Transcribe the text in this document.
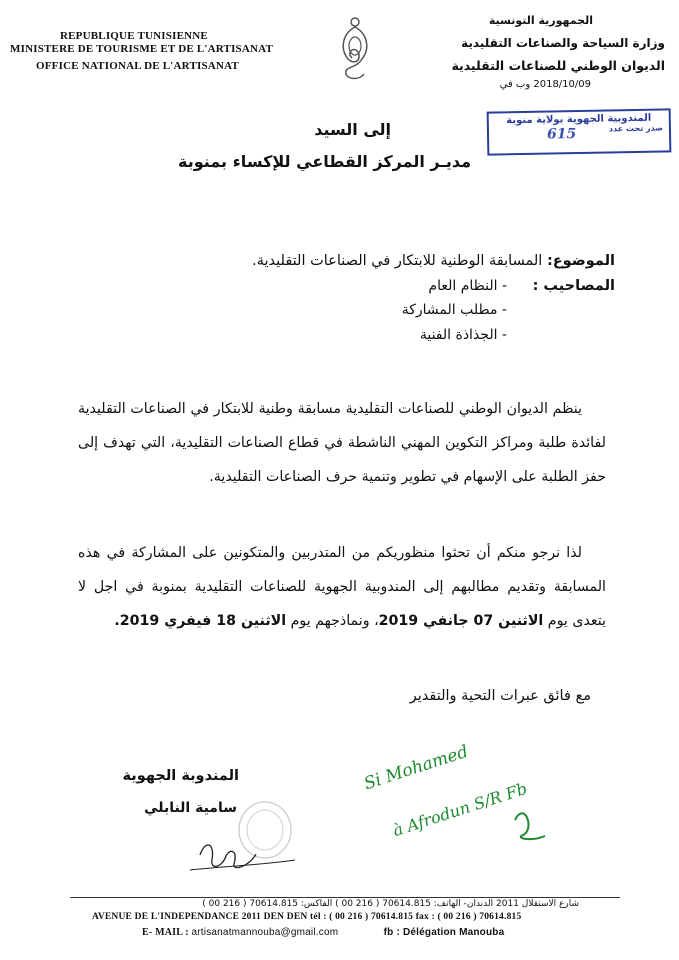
REPUBLIQUE TUNISIENNE
MINISTERE DE TOURISME ET DE L'ARTISANAT
OFFICE NATIONAL DE L'ARTISANAT
الجمهورية التونسية
وزارة السياحة والصناعات التقليدية
الديوان الوطني للصناعات التقليدية
2018/10/09 وب في
المندوبية الجهوية بولاية منوبة
صدر تحت عدد
615
إلى السيد
مديـر المركز القطاعي للإكساء بمنوبة
الموضوع: المسابقة الوطنية للابتكار في الصناعات التقليدية.
المصاحيب :
- النظام العام
- مطلب المشاركة
- الجذاذة الفنية
ينظم الديوان الوطني للصناعات التقليدية مسابقة وطنية للابتكار في الصناعات التقليدية لفائدة طلبة ومراكز التكوين المهني الناشطة في قطاع الصناعات التقليدية، التي تهدف إلى حفز الطلبة على الإسهام في تطوير وتنمية حرف الصناعات التقليدية.
لذا نرجو منكم أن تحثوا منظوريكم من المتدربين والمتكونين على المشاركة في هذه المسابقة وتقديم مطالبهم إلى المندوبية الجهوية للصناعات التقليدية بمنوبة في اجل لا يتعدى يوم الاثنين 07 جانفي 2019، ونماذجهم يوم الاثنين 18 فيفري 2019.
مع فائق عبرات التحية والتقدير
المندوبة الجهوية
سامية النابلي
Si Mohamed
à Afrodun S/R Fb
شارع الاستقلال 2011 الدندان- الهاتف: 70614.815 ( 216 00 ) الفاكس: 70614.815 ( 216 00 )
AVENUE DE L'INDEPENDANCE 2011 DEN DEN tél : ( 00 216 ) 70614.815 fax : ( 00 216 ) 70614.815
E- MAIL : artisanatmannouba@gmail.com	fb : Délégation Manouba
